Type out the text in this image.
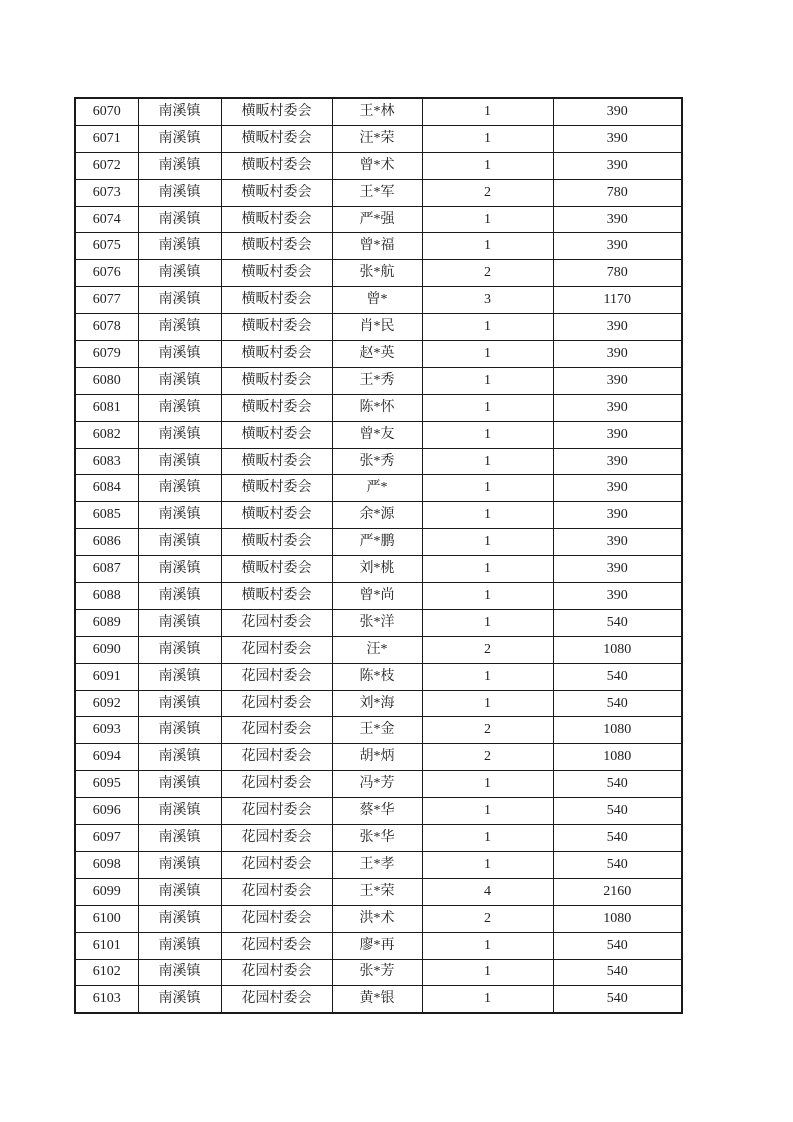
6070	南溪镇	横畈村委会	王*林	1	390
6071	南溪镇	横畈村委会	汪*荣	1	390
6072	南溪镇	横畈村委会	曾*术	1	390
6073	南溪镇	横畈村委会	王*军	2	780
6074	南溪镇	横畈村委会	严*强	1	390
6075	南溪镇	横畈村委会	曾*福	1	390
6076	南溪镇	横畈村委会	张*航	2	780
6077	南溪镇	横畈村委会	曾*	3	1170
6078	南溪镇	横畈村委会	肖*民	1	390
6079	南溪镇	横畈村委会	赵*英	1	390
6080	南溪镇	横畈村委会	王*秀	1	390
6081	南溪镇	横畈村委会	陈*怀	1	390
6082	南溪镇	横畈村委会	曾*友	1	390
6083	南溪镇	横畈村委会	张*秀	1	390
6084	南溪镇	横畈村委会	严*	1	390
6085	南溪镇	横畈村委会	余*源	1	390
6086	南溪镇	横畈村委会	严*鹏	1	390
6087	南溪镇	横畈村委会	刘*桃	1	390
6088	南溪镇	横畈村委会	曾*尚	1	390
6089	南溪镇	花园村委会	张*洋	1	540
6090	南溪镇	花园村委会	汪*	2	1080
6091	南溪镇	花园村委会	陈*枝	1	540
6092	南溪镇	花园村委会	刘*海	1	540
6093	南溪镇	花园村委会	王*金	2	1080
6094	南溪镇	花园村委会	胡*炳	2	1080
6095	南溪镇	花园村委会	冯*芳	1	540
6096	南溪镇	花园村委会	蔡*华	1	540
6097	南溪镇	花园村委会	张*华	1	540
6098	南溪镇	花园村委会	王*孝	1	540
6099	南溪镇	花园村委会	王*荣	4	2160
6100	南溪镇	花园村委会	洪*术	2	1080
6101	南溪镇	花园村委会	廖*再	1	540
6102	南溪镇	花园村委会	张*芳	1	540
6103	南溪镇	花园村委会	黄*银	1	540
